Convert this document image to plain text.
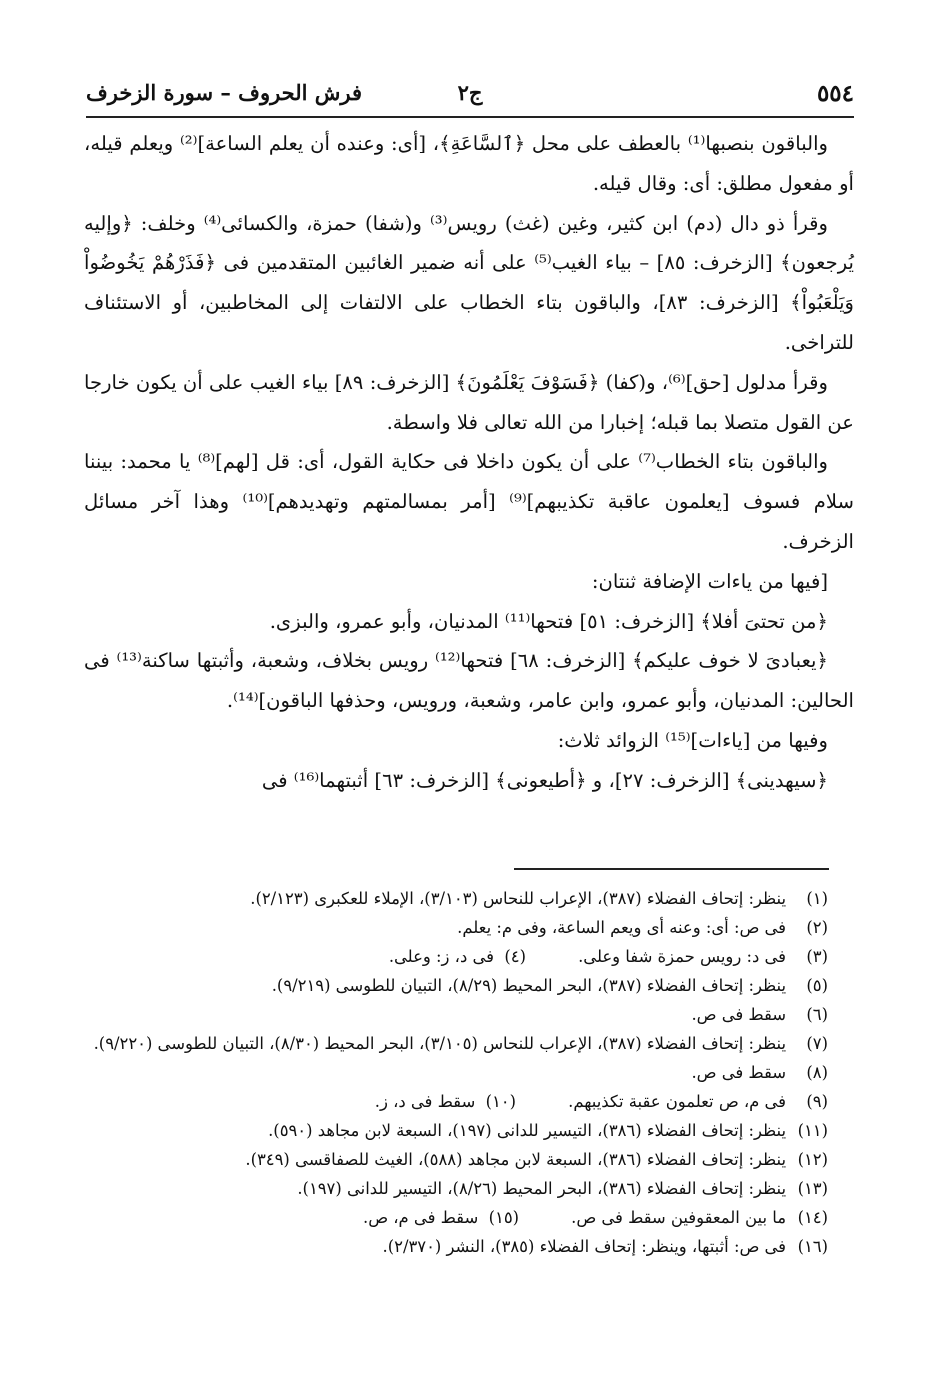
٥٥٤
ج٢
فرش الحروف – سورة الزخرف

والباقون بنصبها⁽¹⁾ بالعطف على محل ﴿ٱلسَّاعَةِ﴾، [أى: وعنده أن يعلم الساعة]⁽²⁾ ويعلم قيله، أو مفعول مطلق: أى: وقال قيله.

وقرأ ذو دال (دم) ابن كثير، وغين (غث) رويس⁽³⁾ و(شفا) حمزة، والكسائى⁽⁴⁾ وخلف: ﴿وإليه يُرجعون﴾ [الزخرف: ٨٥] – بياء الغيب⁽⁵⁾ على أنه ضمير الغائبين المتقدمين فى ﴿فَذَرْهُمْ يَخُوضُواْ وَيَلْعَبُواْ﴾ [الزخرف: ٨٣]، والباقون بتاء الخطاب على الالتفات إلى المخاطبين، أو الاستئناف للتراخى.

وقرأ مدلول [حق]⁽⁶⁾، و(كفا) ﴿فَسَوْفَ يَعْلَمُونَ﴾ [الزخرف: ٨٩] بياء الغيب على أن يكون خارجا عن القول متصلا بما قبله؛ إخبارا من الله تعالى فلا واسطة.

والباقون بتاء الخطاب⁽⁷⁾ على أن يكون داخلا فى حكاية القول، أى: قل [لهم]⁽⁸⁾ يا محمد: بيننا سلام فسوف [يعلمون عاقبة تكذيبهم]⁽⁹⁾ [أمر بمسالمتهم وتهديدهم]⁽¹⁰⁾ وهذا آخر مسائل الزخرف.

[فيها من ياءات الإضافة ثنتان:

﴿من تحتىَ أفلا﴾ [الزخرف: ٥١] فتحها⁽¹¹⁾ المدنيان، وأبو عمرو، والبزى.

﴿يعبادىَ لا خوف عليكم﴾ [الزخرف: ٦٨] فتحها⁽¹²⁾ رويس بخلاف، وشعبة، وأثبتها ساكنة⁽¹³⁾ فى الحالين: المدنيان، وأبو عمرو، وابن عامر، وشعبة، ورويس، وحذفها الباقون]⁽¹⁴⁾.

وفيها من [ياءات]⁽¹⁵⁾ الزوائد ثلاث:

﴿سيهدينى﴾ [الزخرف: ٢٧]، و ﴿أطيعونى﴾ [الزخرف: ٦٣] أثبتهما⁽¹⁶⁾ فى

(١)
ينظر: إتحاف الفضلاء (٣٨٧)، الإعراب للنحاس (٣/١٠٣)، الإملاء للعكبرى (٢/١٢٣).

(٢)
فى ص: أى: وعنه أى ويعم الساعة، وفى م: يعلم.

(٣)
فى د: رويس حمزة شفا وعلى.          (٤)  فى د، ز: وعلى.

(٥)
ينظر: إتحاف الفضلاء (٣٨٧)، البحر المحيط (٨/٢٩)، التبيان للطوسى (٩/٢١٩).

(٦)
سقط فى ص.

(٧)
ينظر: إتحاف الفضلاء (٣٨٧)، الإعراب للنحاس (٣/١٠٥)، البحر المحيط (٨/٣٠)، التبيان للطوسى (٩/٢٢٠).

(٨)
سقط فى ص.

(٩)
فى م، ص تعلمون عقبة تكذيبهم.          (١٠)  سقط فى د، ز.

(١١)
ينظر: إتحاف الفضلاء (٣٨٦)، التيسير للدانى (١٩٧)، السبعة لابن مجاهد (٥٩٠).

(١٢)
ينظر: إتحاف الفضلاء (٣٨٦)، السبعة لابن مجاهد (٥٨٨)، الغيث للصفاقسى (٣٤٩).

(١٣)
ينظر: إتحاف الفضلاء (٣٨٦)، البحر المحيط (٨/٢٦)، التيسير للدانى (١٩٧).

(١٤)
ما بين المعقوفين سقط فى ص.          (١٥)  سقط فى م، ص.

(١٦)
فى ص: أثبتها، وينظر: إتحاف الفضلاء (٣٨٥)، النشر (٢/٣٧٠).
